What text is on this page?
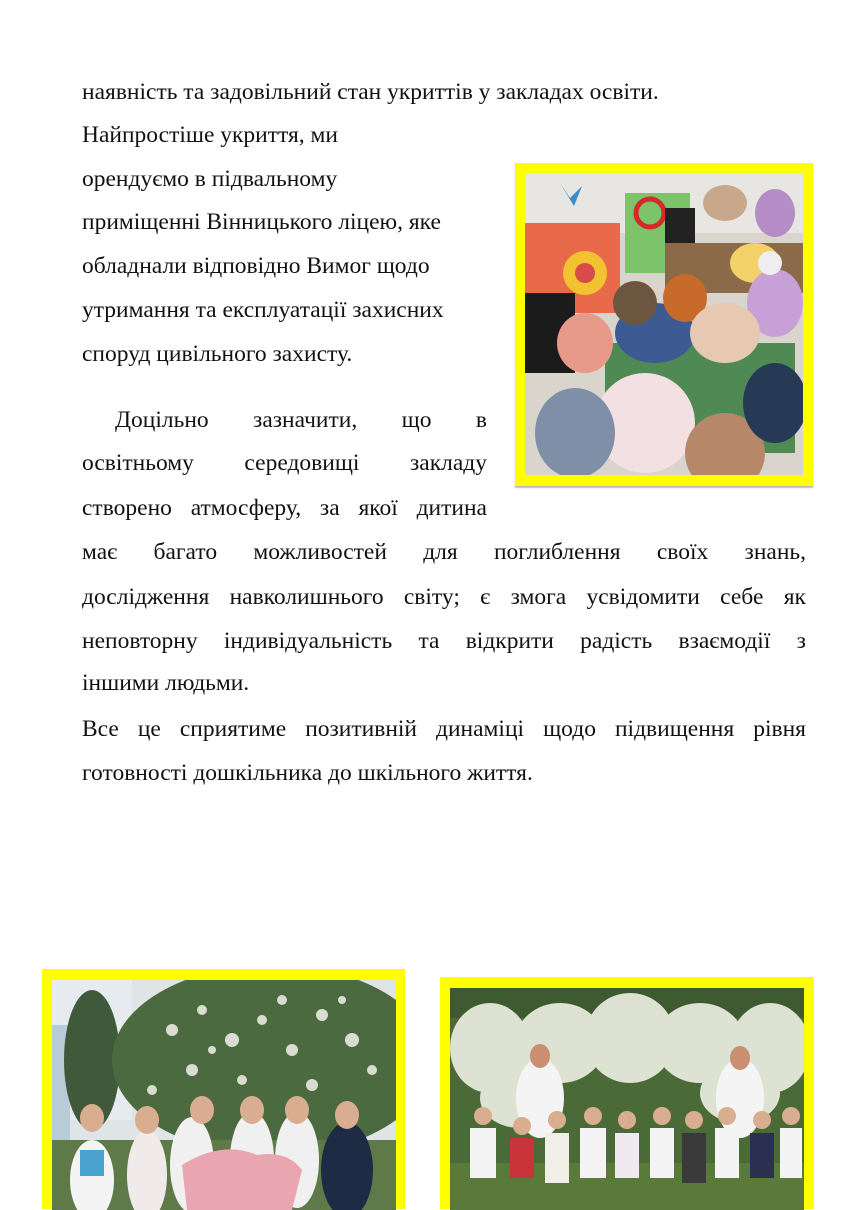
наявність та задовільний стан укриттів у закладах освіти.
Найпростіше укриття, ми
орендуємо в підвальному
приміщенні Вінницького ліцею, яке
обладнали відповідно Вимог щодо
утримання та експлуатації захисних
споруд цивільного захисту.
Доцільно зазначити, що в
освітньому середовищі закладу
створено атмосферу, за якої дитина
має багато можливостей для поглиблення своїх знань,
дослідження навколишнього світу; є змога усвідомити себе як
неповторну індивідуальність та відкрити радість взаємодії з
іншими людьми.
Все це сприятиме позитивній динаміці щодо підвищення рівня
готовності дошкільника до шкільного життя.
